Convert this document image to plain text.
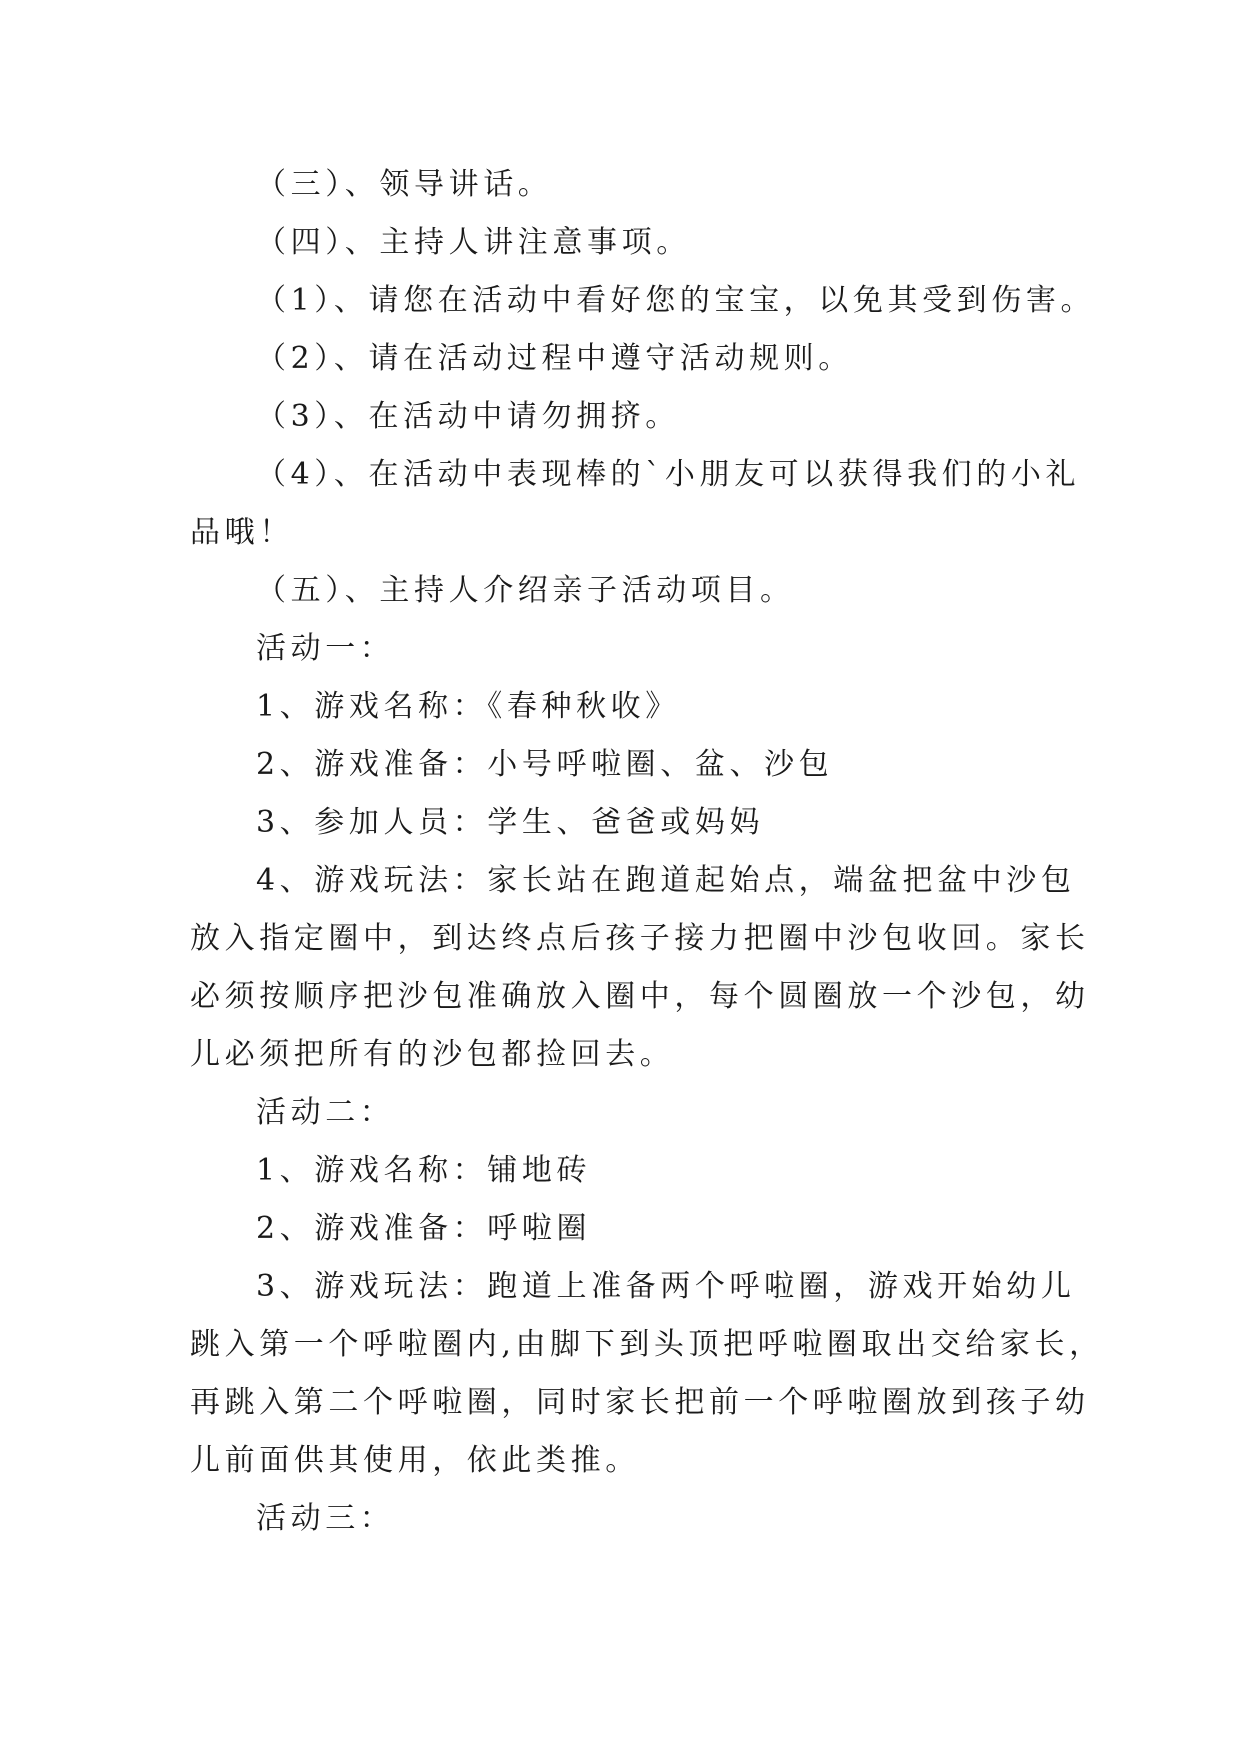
（三）、领导讲话。

（四）、主持人讲注意事项。

（1）、请您在活动中看好您的宝宝，以免其受到伤害。

（2）、请在活动过程中遵守活动规则。

（3）、在活动中请勿拥挤。

（4）、在活动中表现棒的`小朋友可以获得我们的小礼

品哦！

（五）、主持人介绍亲子活动项目。

活动一：

1、游戏名称：《春种秋收》

2、游戏准备：小号呼啦圈、盆、沙包

3、参加人员：学生、爸爸或妈妈

4、游戏玩法：家长站在跑道起始点，端盆把盆中沙包

放入指定圈中，到达终点后孩子接力把圈中沙包收回。家长

必须按顺序把沙包准确放入圈中，每个圆圈放一个沙包，幼

儿必须把所有的沙包都捡回去。

活动二：

1、游戏名称：铺地砖

2、游戏准备：呼啦圈

3、游戏玩法：跑道上准备两个呼啦圈，游戏开始幼儿

跳入第一个呼啦圈内,由脚下到头顶把呼啦圈取出交给家长，

再跳入第二个呼啦圈，同时家长把前一个呼啦圈放到孩子幼

儿前面供其使用，依此类推。

活动三：
